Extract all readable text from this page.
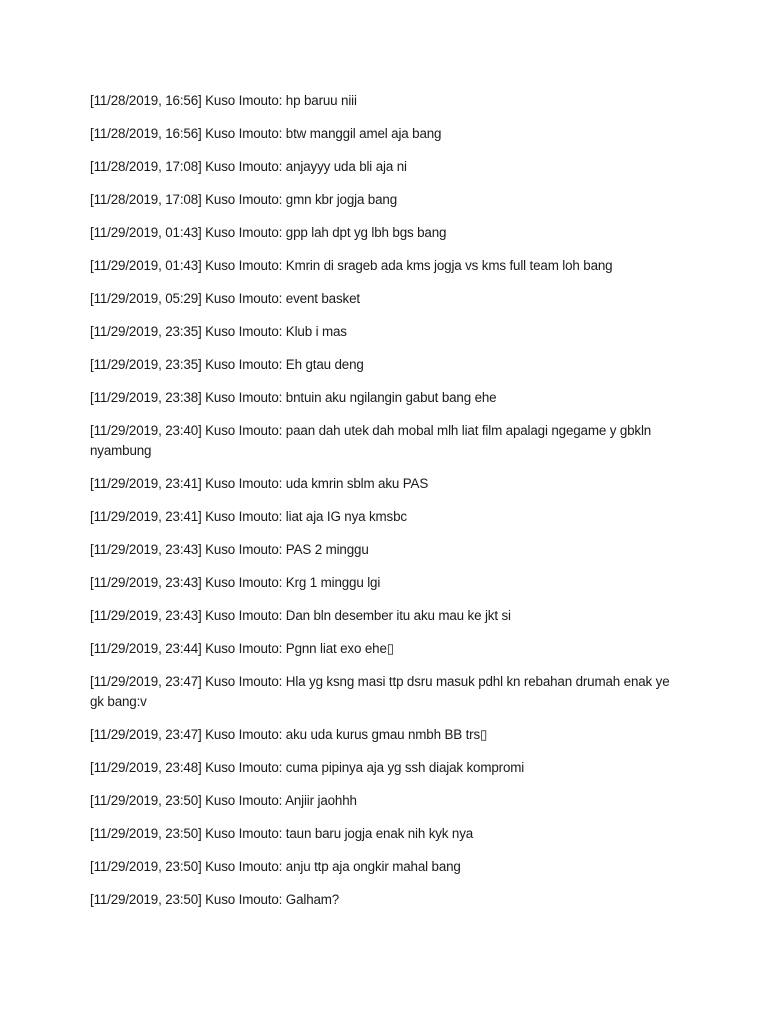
[11/28/2019, 16:56] Kuso Imouto: hp baruu niii

[11/28/2019, 16:56] Kuso Imouto: btw manggil amel aja bang

[11/28/2019, 17:08] Kuso Imouto: anjayyy uda bli aja ni

[11/28/2019, 17:08] Kuso Imouto: gmn kbr jogja bang

[11/29/2019, 01:43] Kuso Imouto: gpp lah dpt yg lbh bgs bang

[11/29/2019, 01:43] Kuso Imouto: Kmrin di srageb ada kms jogja vs kms full team loh bang

[11/29/2019, 05:29] Kuso Imouto: event basket

[11/29/2019, 23:35] Kuso Imouto: Klub i mas

[11/29/2019, 23:35] Kuso Imouto: Eh gtau deng

[11/29/2019, 23:38] Kuso Imouto: bntuin aku ngilangin gabut bang ehe

[11/29/2019, 23:40] Kuso Imouto: paan dah utek dah mobal mlh liat film apalagi ngegame y gbkln nyambung

[11/29/2019, 23:41] Kuso Imouto: uda kmrin sblm aku PAS

[11/29/2019, 23:41] Kuso Imouto: liat aja IG nya kmsbc

[11/29/2019, 23:43] Kuso Imouto: PAS 2 minggu

[11/29/2019, 23:43] Kuso Imouto: Krg 1 minggu lgi

[11/29/2019, 23:43] Kuso Imouto: Dan bln desember itu aku mau ke jkt si

[11/29/2019, 23:44] Kuso Imouto: Pgnn liat exo ehe▯

[11/29/2019, 23:47] Kuso Imouto: Hla yg ksng masi ttp dsru masuk pdhl kn rebahan drumah enak ye gk bang:v

[11/29/2019, 23:47] Kuso Imouto: aku uda kurus gmau nmbh BB trs▯

[11/29/2019, 23:48] Kuso Imouto: cuma pipinya aja yg ssh diajak kompromi

[11/29/2019, 23:50] Kuso Imouto: Anjiir jaohhh

[11/29/2019, 23:50] Kuso Imouto: taun baru jogja enak nih kyk nya

[11/29/2019, 23:50] Kuso Imouto: anju ttp aja ongkir mahal bang

[11/29/2019, 23:50] Kuso Imouto: Galham?
